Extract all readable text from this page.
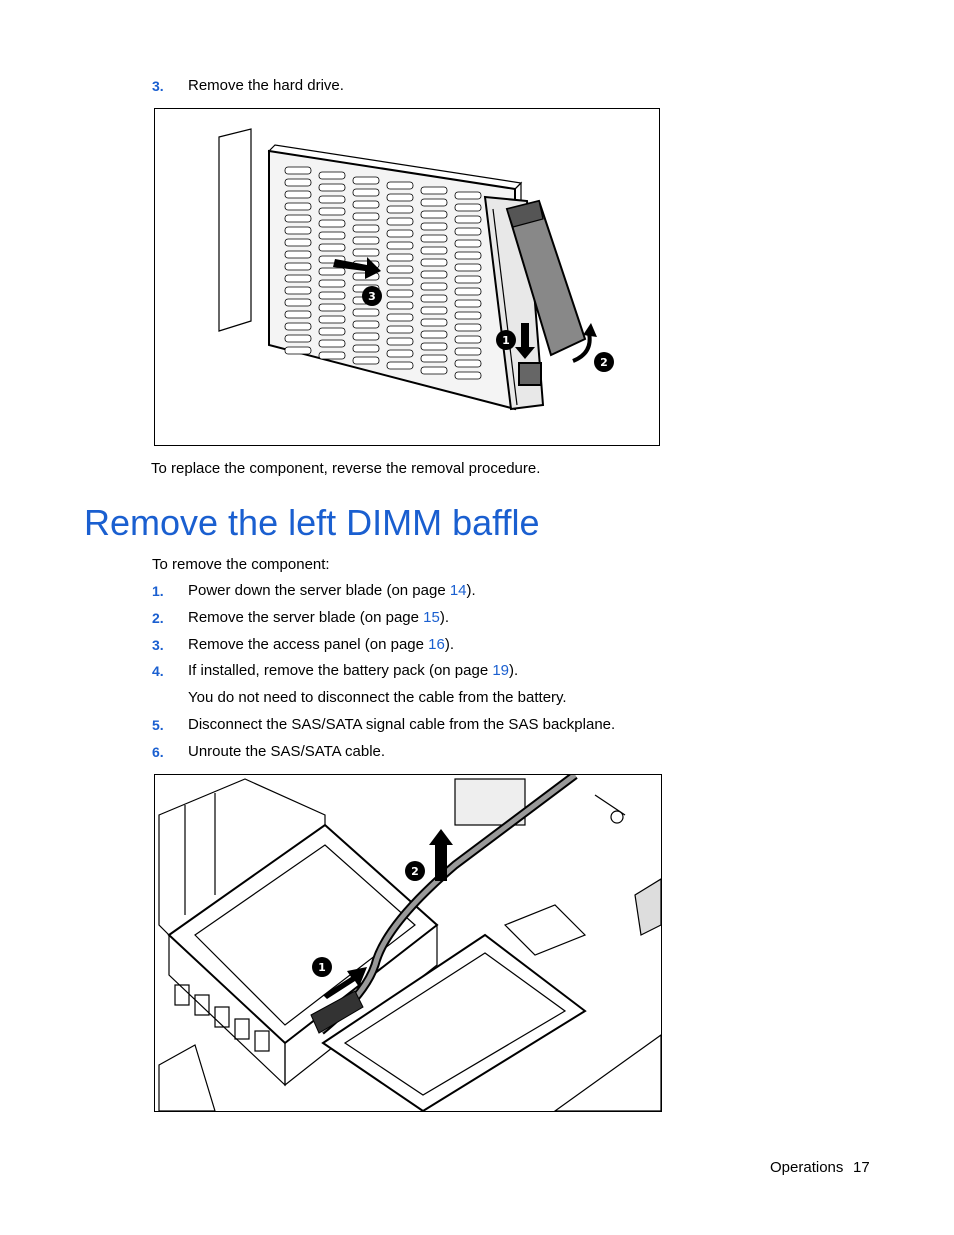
3. Remove the hard drive.
1
2
3
To replace the component, reverse the removal procedure.
Remove the left DIMM baffle
To remove the component:
1. Power down the server blade (on page 14).
2. Remove the server blade (on page 15).
3. Remove the access panel (on page 16).
4. If installed, remove the battery pack (on page 19).
You do not need to disconnect the cable from the battery.
5. Disconnect the SAS/SATA signal cable from the SAS backplane.
6. Unroute the SAS/SATA cable.
1
2
Operations 17
